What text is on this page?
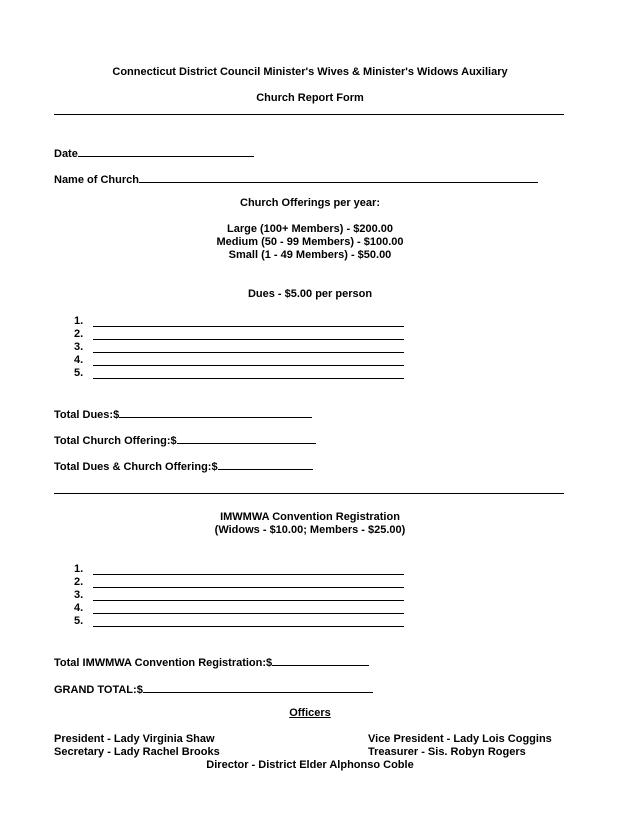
Connecticut District Council Minister's Wives & Minister's Widows Auxiliary
Church Report Form
Date
Name of Church
Church Offerings per year:
Large (100+ Members) - $200.00
Medium (50 - 99 Members) - $100.00
Small (1 - 49 Members) - $50.00
Dues - $5.00 per person
1.
2.
3.
4.
5.
Total Dues:$
Total Church Offering:$
Total Dues & Church Offering:$
IMWMWA Convention Registration
(Widows - $10.00; Members - $25.00)
1.
2.
3.
4.
5.
Total IMWMWA Convention Registration:$
GRAND TOTAL:$
Officers
President - Lady Virginia Shaw
Secretary - Lady Rachel Brooks
Vice President - Lady Lois Coggins
Treasurer - Sis. Robyn Rogers
Director - District Elder Alphonso Coble
